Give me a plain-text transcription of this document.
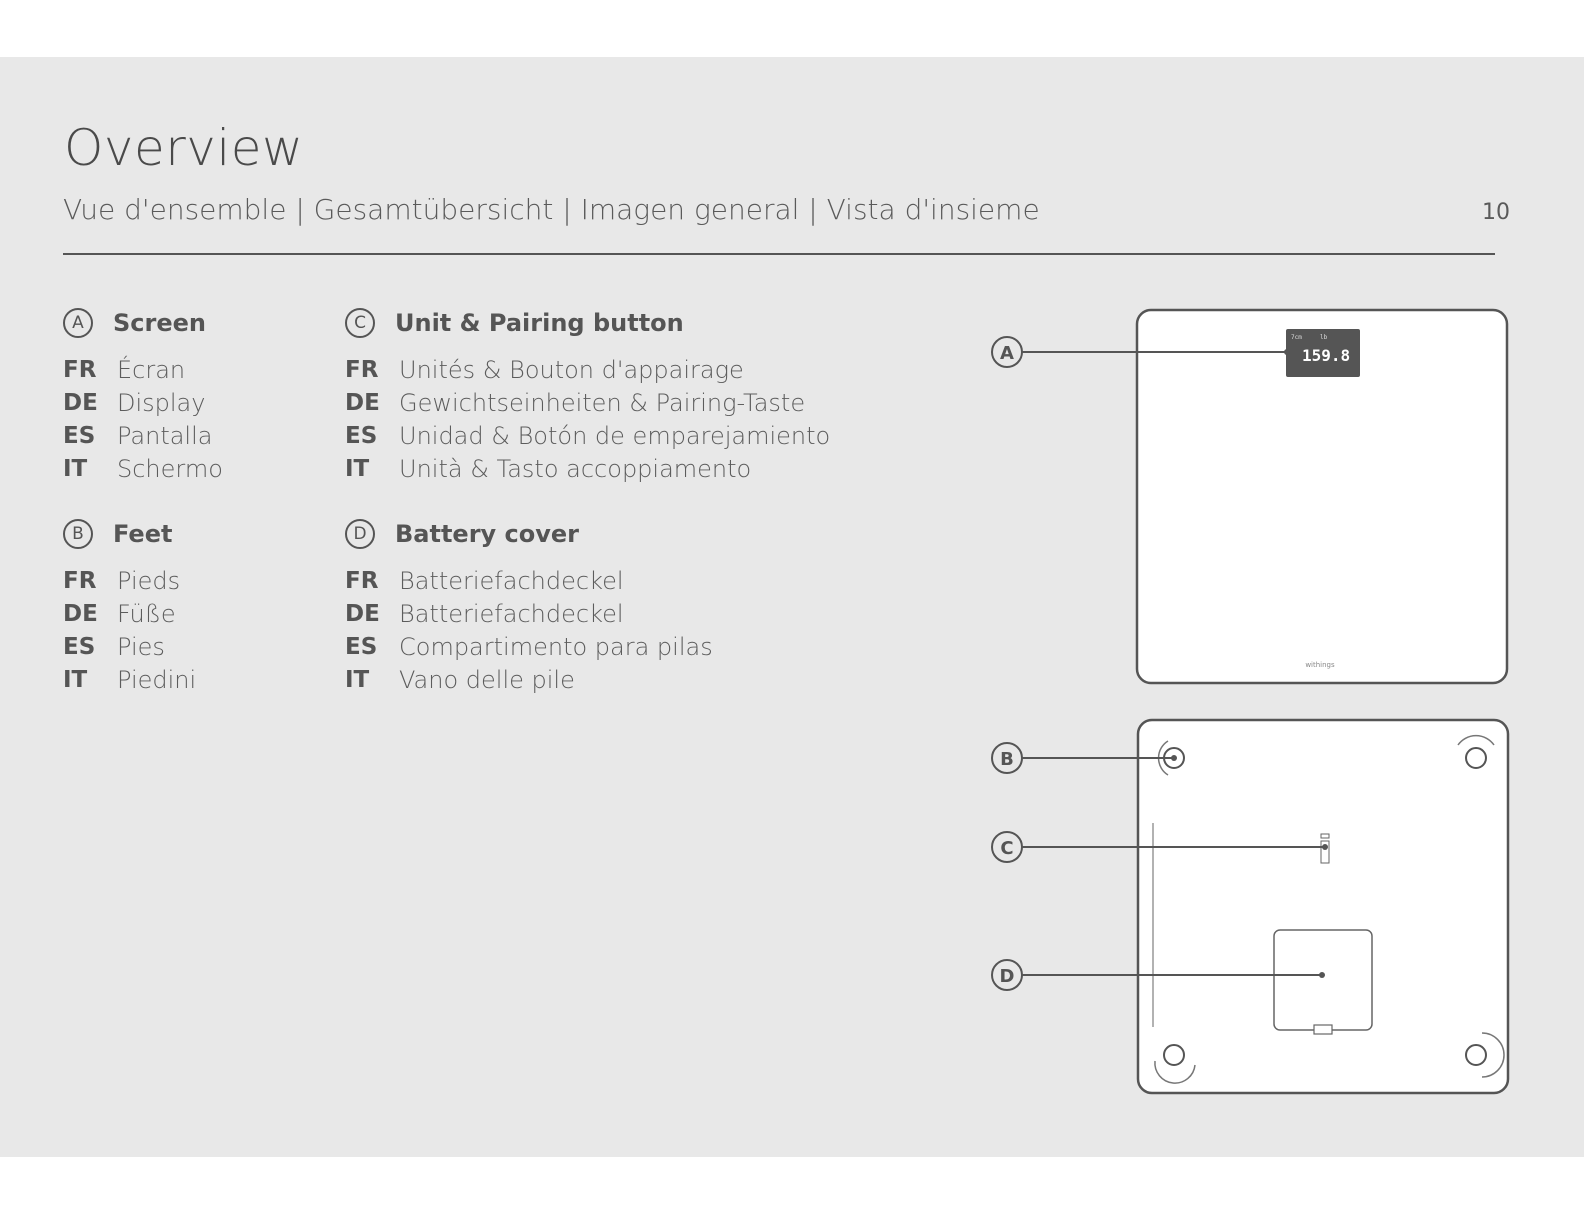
Overview
Vue d'ensemble | Gesamtübersicht | Imagen general | Vista d'insieme	10
A	Screen
FR Écran
DE Display
ES Pantalla
IT	Schermo
B	Feet
FR Pieds
DE Füße
ES Pies
IT	Piedini
C	Unit & Pairing button
FR Unités & Bouton d'appairage
DE Gewichtseinheiten & Pairing-Taste
ES Unidad & Botón de emparejamiento
IT	Unità & Tasto accoppiamento
D	Battery cover
FR Batteriefachdeckel
DE Batteriefachdeckel
ES Compartimento para pilas
IT	Vano delle pile
7cm	lb
159.8
withings
A
B
C
D
